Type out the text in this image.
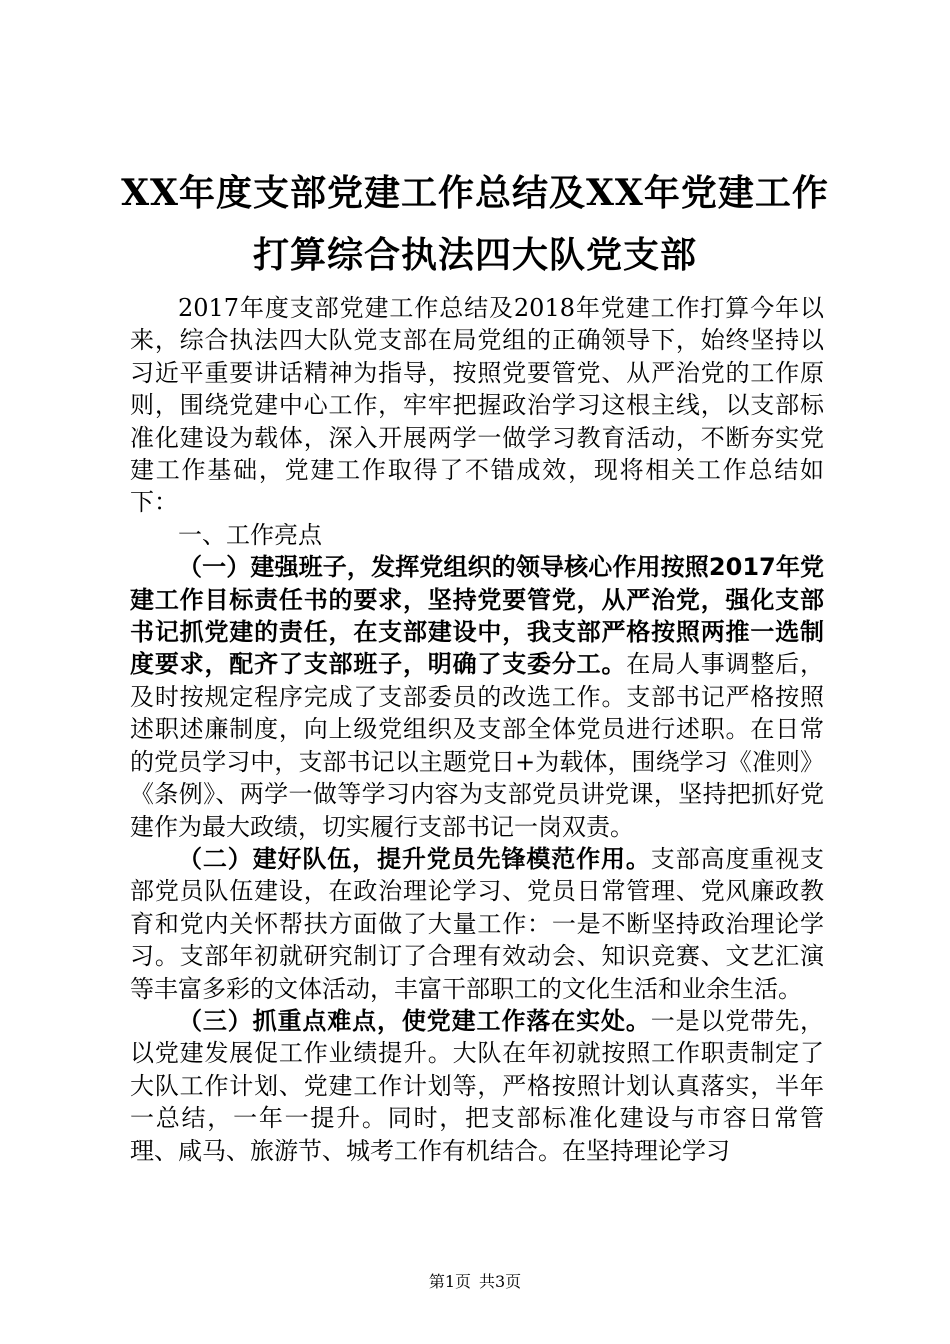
XX年度支部党建工作总结及XX年党建工作打算综合执法四大队党支部

2017年度支部党建工作总结及2018年党建工作打算今年以来，综合执法四大队党支部在局党组的正确领导下，始终坚持以习近平重要讲话精神为指导，按照党要管党、从严治党的工作原则，围绕党建中心工作，牢牢把握政治学习这根主线，以支部标准化建设为载体，深入开展两学一做学习教育活动，不断夯实党建工作基础，党建工作取得了不错成效，现将相关工作总结如下：

一、工作亮点

（一）建强班子，发挥党组织的领导核心作用按照2017年党建工作目标责任书的要求，坚持党要管党，从严治党，强化支部书记抓党建的责任，在支部建设中，我支部严格按照两推一选制度要求，配齐了支部班子，明确了支委分工。在局人事调整后，及时按规定程序完成了支部委员的改选工作。支部书记严格按照述职述廉制度，向上级党组织及支部全体党员进行述职。在日常的党员学习中，支部书记以主题党日+为载体，围绕学习《准则》《条例》、两学一做等学习内容为支部党员讲党课，坚持把抓好党建作为最大政绩，切实履行支部书记一岗双责。

（二）建好队伍，提升党员先锋模范作用。支部高度重视支部党员队伍建设，在政治理论学习、党员日常管理、党风廉政教育和党内关怀帮扶方面做了大量工作：一是不断坚持政治理论学习。支部年初就研究制订了合理有效动会、知识竞赛、文艺汇演等丰富多彩的文体活动，丰富干部职工的文化生活和业余生活。

（三）抓重点难点，使党建工作落在实处。一是以党带先，以党建发展促工作业绩提升。大队在年初就按照工作职责制定了大队工作计划、党建工作计划等，严格按照计划认真落实，半年一总结，一年一提升。同时，把支部标准化建设与市容日常管理、咸马、旅游节、城考工作有机结合。在坚持理论学习

第1页 共3页
